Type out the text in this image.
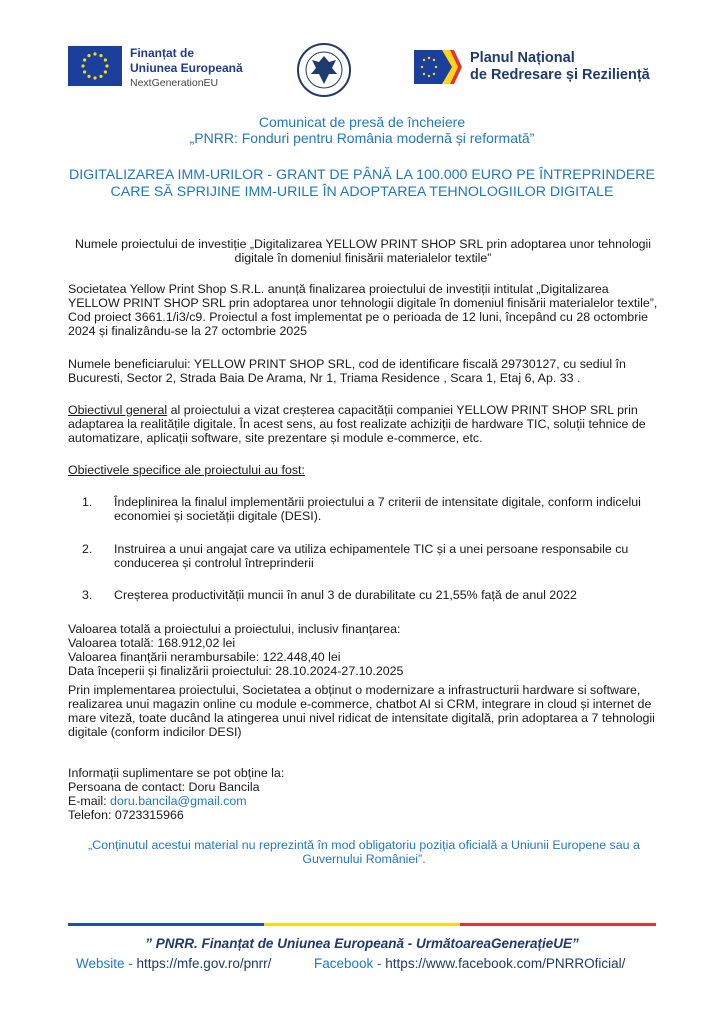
Finanțat de
Uniunea Europeană
NextGenerationEU
Planul Național
de Redresare și Reziliență
Comunicat de presă de încheiere
„PNRR: Fonduri pentru România modernă și reformată”
DIGITALIZAREA IMM-URILOR - GRANT DE PÂNĂ LA 100.000 EURO PE ÎNTREPRINDERE CARE SĂ SPRIJINE IMM-URILE ÎN ADOPTAREA TEHNOLOGIILOR DIGITALE
Numele proiectului de investiție „Digitalizarea YELLOW PRINT SHOP SRL prin adoptarea unor tehnologii digitale în domeniul finisării materialelor textile”
Societatea Yellow Print Shop S.R.L. anunță finalizarea proiectului de investiții intitulat „Digitalizarea YELLOW PRINT SHOP SRL prin adoptarea unor tehnologii digitale în domeniul finisării materialelor textile”, Cod proiect 3661.1/i3/c9. Proiectul a fost implementat pe o perioada de 12 luni, începând cu 28 octombrie 2024 și finalizându-se la 27 octombrie 2025
Numele beneficiarului: YELLOW PRINT SHOP SRL, cod de identificare fiscală 29730127, cu sediul în Bucuresti, Sector 2, Strada Baia De Arama, Nr 1, Triama Residence , Scara 1, Etaj 6, Ap. 33 .
Obiectivul general al proiectului a vizat creșterea capacității companiei YELLOW PRINT SHOP SRL prin adaptarea la realitățile digitale. În acest sens, au fost realizate achiziții de hardware TIC, soluții tehnice de automatizare, aplicații software, site prezentare și module e-commerce, etc.
Obiectivele specifice ale proiectului au fost:
1.	Îndeplinirea la finalul implementării proiectului a 7 criterii de intensitate digitale, conform indicelui economiei și societății digitale (DESI).
2.	Instruirea a unui angajat care va utiliza echipamentele TIC și a unei persoane responsabile cu conducerea și controlul întreprinderii
3.	Creșterea productivității muncii în anul 3 de durabilitate cu 21,55% față de anul 2022
Valoarea totală a proiectului a proiectului, inclusiv finanțarea:
Valoarea totală: 168.912,02 lei
Valoarea finanțării nerambursabile: 122.448,40 lei
Data începerii și finalizării proiectului: 28.10.2024-27.10.2025
Prin implementarea proiectului, Societatea a obținut o modernizare a infrastructurii hardware si software, realizarea unui magazin online cu module e-commerce, chatbot AI si CRM, integrare in cloud și internet de mare viteză, toate ducând la atingerea unui nivel ridicat de intensitate digitală, prin adoptarea a 7 tehnologii digitale (conform indicilor DESI)
Informații suplimentare se pot obține la:
Persoana de contact: Doru Bancila
E-mail: doru.bancila@gmail.com
Telefon: 0723315966
„Conținutul acestui material nu reprezintă în mod obligatoriu poziția oficială a Uniunii Europene sau a Guvernului României”.
” PNRR. Finanțat de Uniunea Europeană - UrmătoareaGenerațieUE”
Website - https://mfe.gov.ro/pnrr/	Facebook - https://www.facebook.com/PNRROficial/
